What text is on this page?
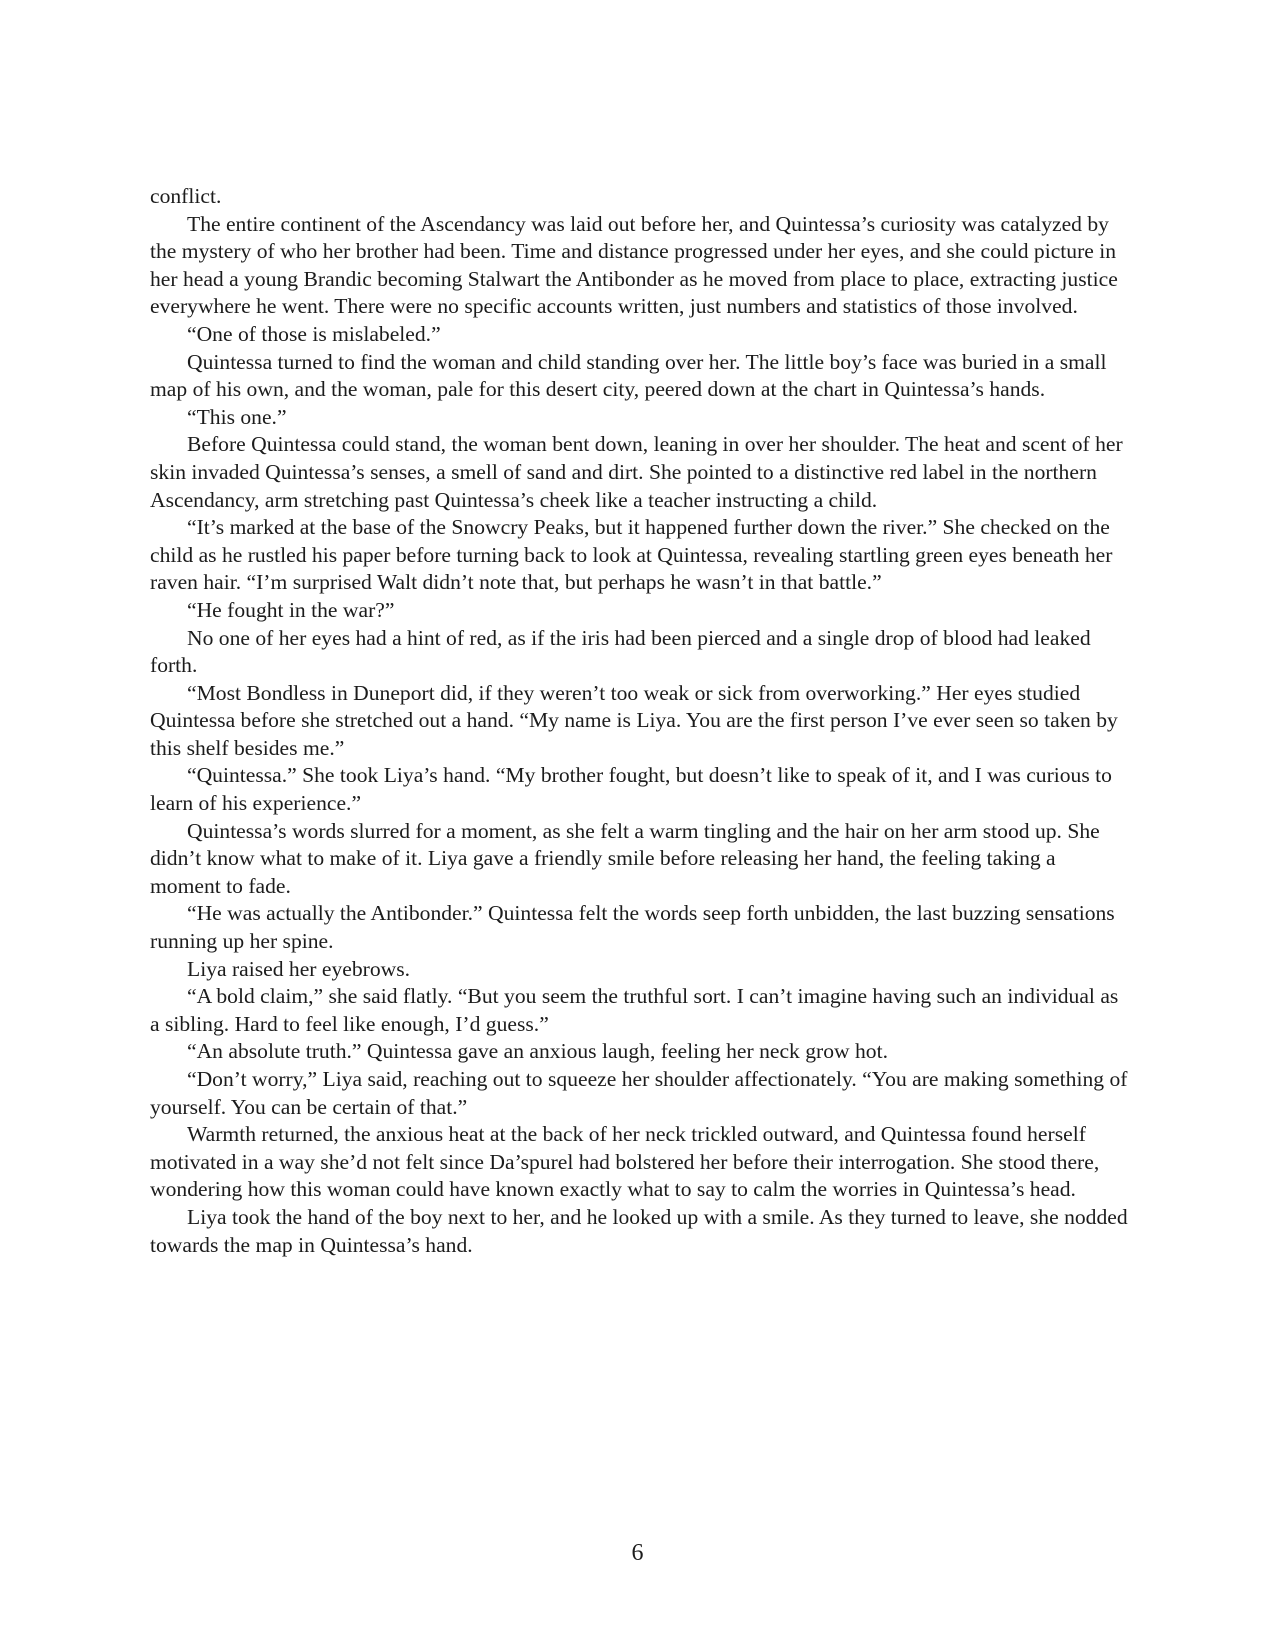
conflict.

The entire continent of the Ascendancy was laid out before her, and Quintessa’s curiosity was catalyzed by the mystery of who her brother had been. Time and distance progressed under her eyes, and she could picture in her head a young Brandic becoming Stalwart the Antibonder as he moved from place to place, extracting justice everywhere he went. There were no specific accounts written, just numbers and statistics of those involved.

“One of those is mislabeled.”

Quintessa turned to find the woman and child standing over her. The little boy’s face was buried in a small map of his own, and the woman, pale for this desert city, peered down at the chart in Quintessa’s hands.

“This one.”

Before Quintessa could stand, the woman bent down, leaning in over her shoulder. The heat and scent of her skin invaded Quintessa’s senses, a smell of sand and dirt. She pointed to a distinctive red label in the northern Ascendancy, arm stretching past Quintessa’s cheek like a teacher instructing a child.

“It’s marked at the base of the Snowcry Peaks, but it happened further down the river.” She checked on the child as he rustled his paper before turning back to look at Quintessa, revealing startling green eyes beneath her raven hair. “I’m surprised Walt didn’t note that, but perhaps he wasn’t in that battle.”

“He fought in the war?”

No one of her eyes had a hint of red, as if the iris had been pierced and a single drop of blood had leaked forth.

“Most Bondless in Duneport did, if they weren’t too weak or sick from overworking.” Her eyes studied Quintessa before she stretched out a hand. “My name is Liya. You are the first person I’ve ever seen so taken by this shelf besides me.”

“Quintessa.” She took Liya’s hand. “My brother fought, but doesn’t like to speak of it, and I was curious to learn of his experience.”

Quintessa’s words slurred for a moment, as she felt a warm tingling and the hair on her arm stood up. She didn’t know what to make of it. Liya gave a friendly smile before releasing her hand, the feeling taking a moment to fade.

“He was actually the Antibonder.” Quintessa felt the words seep forth unbidden, the last buzzing sensations running up her spine.

Liya raised her eyebrows.

“A bold claim,” she said flatly. “But you seem the truthful sort. I can’t imagine having such an individual as a sibling. Hard to feel like enough, I’d guess.”

“An absolute truth.” Quintessa gave an anxious laugh, feeling her neck grow hot.

“Don’t worry,” Liya said, reaching out to squeeze her shoulder affectionately. “You are making something of yourself. You can be certain of that.”

Warmth returned, the anxious heat at the back of her neck trickled outward, and Quintessa found herself motivated in a way she’d not felt since Da’spurel had bolstered her before their interrogation. She stood there, wondering how this woman could have known exactly what to say to calm the worries in Quintessa’s head.

Liya took the hand of the boy next to her, and he looked up with a smile. As they turned to leave, she nodded towards the map in Quintessa’s hand.

6
